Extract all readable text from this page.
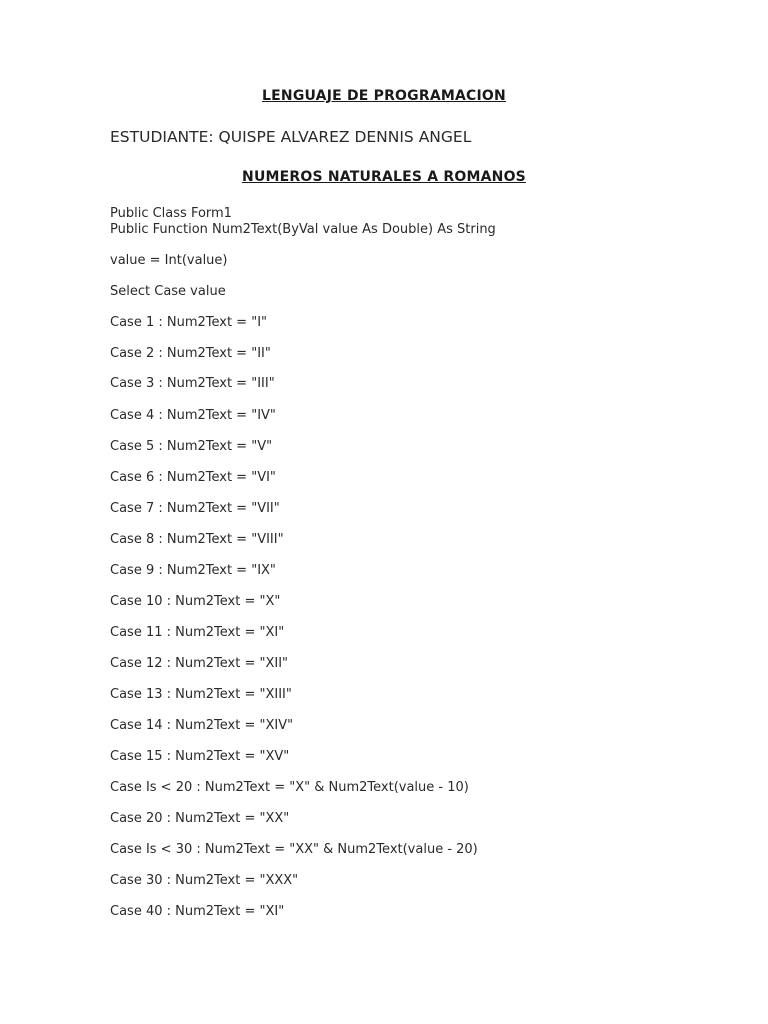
LENGUAJE DE PROGRAMACION
ESTUDIANTE: QUISPE ALVAREZ DENNIS ANGEL
NUMEROS NATURALES A ROMANOS
Public Class Form1
Public Function Num2Text(ByVal value As Double) As String
value = Int(value)
Select Case value
Case 1 : Num2Text = "I"
Case 2 : Num2Text = "II"
Case 3 : Num2Text = "III"
Case 4 : Num2Text = "IV"
Case 5 : Num2Text = "V"
Case 6 : Num2Text = "VI"
Case 7 : Num2Text = "VII"
Case 8 : Num2Text = "VIII"
Case 9 : Num2Text = "IX"
Case 10 : Num2Text = "X"
Case 11 : Num2Text = "XI"
Case 12 : Num2Text = "XII"
Case 13 : Num2Text = "XIII"
Case 14 : Num2Text = "XIV"
Case 15 : Num2Text = "XV"
Case Is < 20 : Num2Text = "X" & Num2Text(value - 10)
Case 20 : Num2Text = "XX"
Case Is < 30 : Num2Text = "XX" & Num2Text(value - 20)
Case 30 : Num2Text = "XXX"
Case 40 : Num2Text = "XI"
